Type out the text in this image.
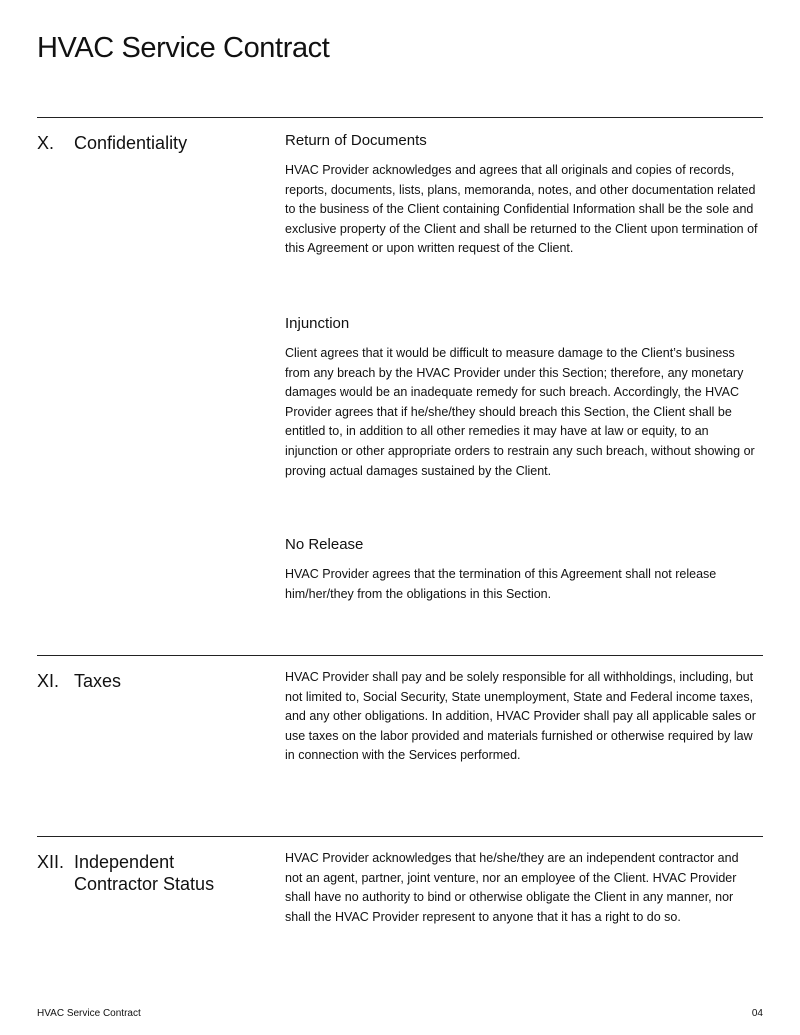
HVAC Service Contract
X. Confidentiality	Return of Documents

HVAC Provider acknowledges and agrees that all originals and copies of records, reports, documents, lists, plans, memoranda, notes, and other documentation related to the business of the Client containing Confidential Information shall be the sole and exclusive property of the Client and shall be returned to the Client upon termination of this Agreement or upon written request of the Client.

Injunction

Client agrees that it would be difficult to measure damage to the Client’s business from any breach by the HVAC Provider under this Section; therefore, any monetary damages would be an inadequate remedy for such breach. Accordingly, the HVAC Provider agrees that if he/she/they should breach this Section, the Client shall be entitled to, in addition to all other remedies it may have at law or equity, to an injunction or other appropriate orders to restrain any such breach, without showing or proving actual damages sustained by the Client.

No Release

HVAC Provider agrees that the termination of this Agreement shall not release him/her/they from the obligations in this Section.

XI. Taxes	HVAC Provider shall pay and be solely responsible for all withholdings, including, but not limited to, Social Security, State unemployment, State and Federal income taxes, and any other obligations. In addition, HVAC Provider shall pay all applicable sales or use taxes on the labor provided and materials furnished or otherwise required by law in connection with the Services performed.

XII. Independent Contractor Status

HVAC Provider acknowledges that he/she/they are an independent contractor and not an agent, partner, joint venture, nor an employee of the Client. HVAC Provider shall have no authority to bind or otherwise obligate the Client in any manner, nor shall the HVAC Provider represent to anyone that it has a right to do so.

HVAC Service Contract	04
